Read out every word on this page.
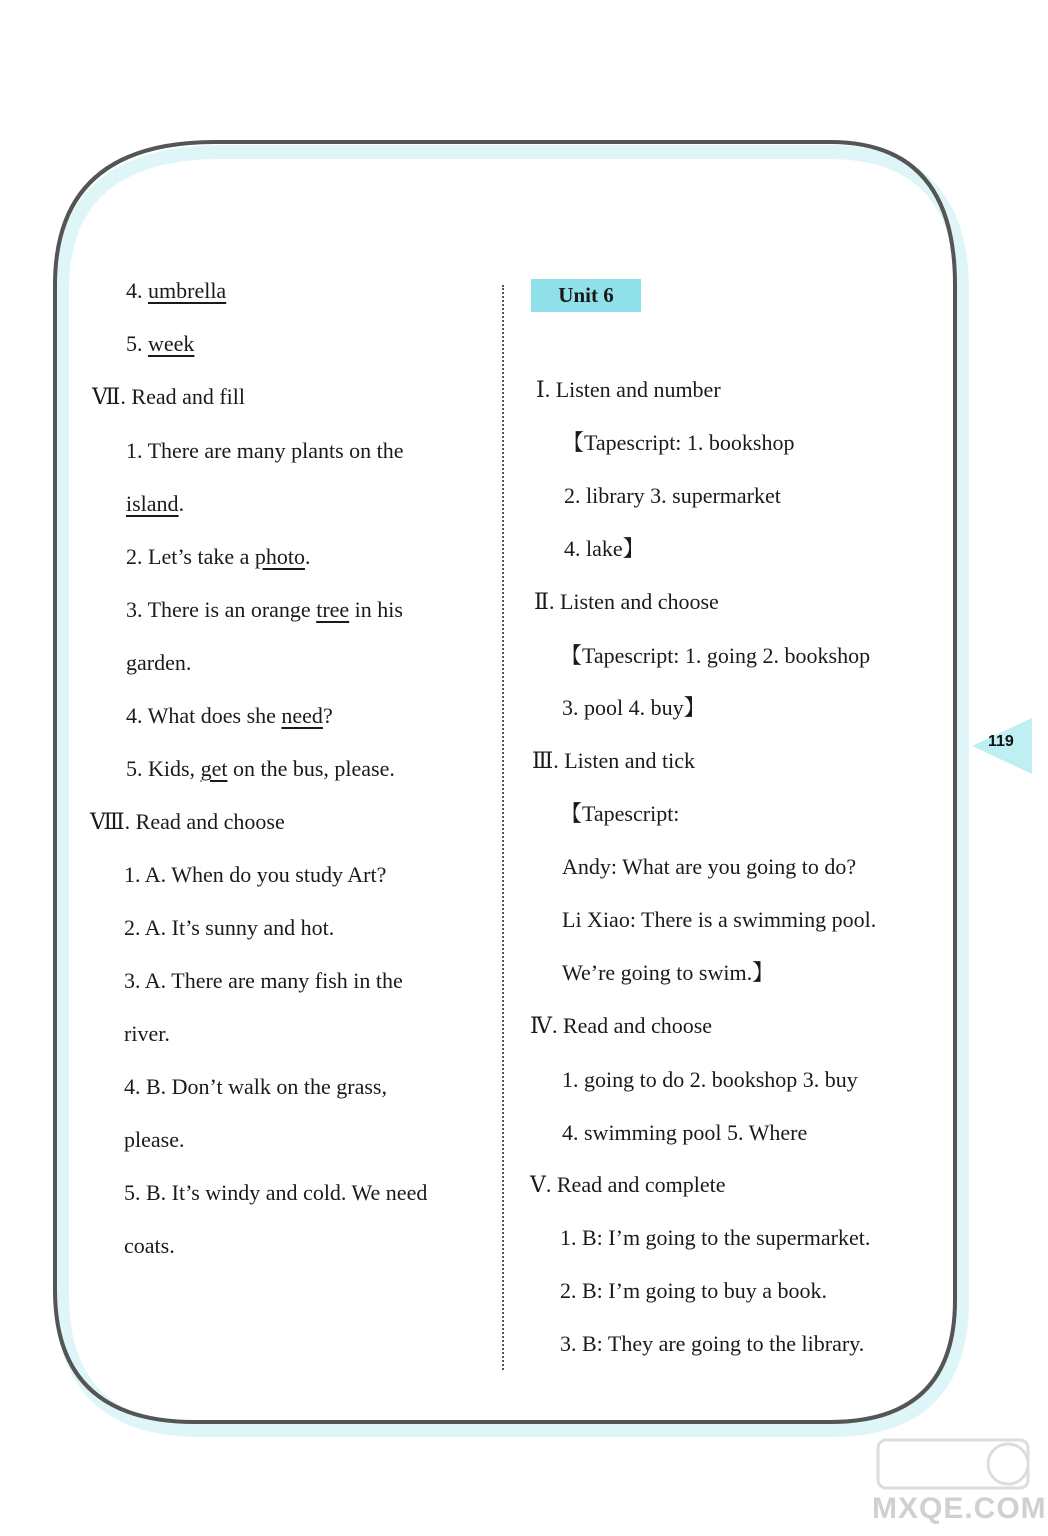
4. umbrella
5. week
Ⅶ. Read and fill
1. There are many plants on the
island.
2. Let’s take a photo.
3. There is an orange tree in his
garden.
4. What does she need?
5. Kids, get on the bus, please.
Ⅷ. Read and choose
1. A. When do you study Art?
2. A. It’s sunny and hot.
3. A. There are many fish in the
river.
4. B. Don’t walk on the grass,
please.
5. B. It’s windy and cold. We need
coats.
Unit 6
Ⅰ. Listen and number
【Tapescript: 1. bookshop
2. library 3. supermarket
4. lake】
Ⅱ. Listen and choose
【Tapescript: 1. going 2. bookshop
3. pool 4. buy】
Ⅲ. Listen and tick
【Tapescript:
Andy: What are you going to do?
Li Xiao: There is a swimming pool.
We’re going to swim.】
Ⅳ. Read and choose
1. going to do 2. bookshop 3. buy
4. swimming pool 5. Where
Ⅴ. Read and complete
1. B: I’m going to the supermarket.
2. B: I’m going to buy a book.
3. B: They are going to the library.
119
MXQE.COM
